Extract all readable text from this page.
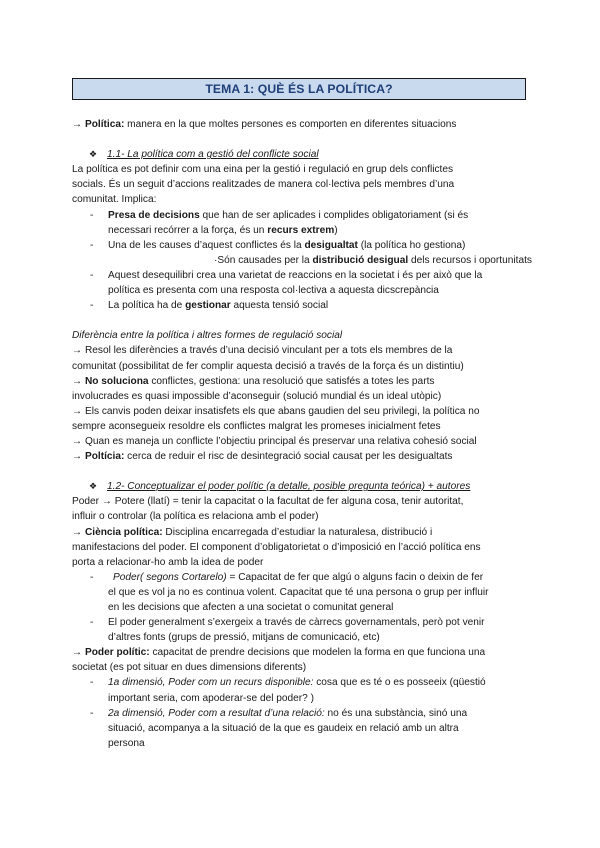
TEMA 1: QUÈ ÉS LA POLÍTICA?
→ Política: manera en la que moltes persones es comporten en diferentes situacions
❖ 1.1- La política com a gestió del conflicte social
La política es pot definir com una eina per la gestió i regulació en grup dels conflictes
socials. És un seguit d’accions realitzades de manera col·lectiva pels membres d’una
comunitat. Implica:
- Presa de decisions que han de ser aplicades i complides obligatoriament (si és
necessari recórrer a la força, és un recurs extrem)
- Una de les causes d’aquest conflictes és la desigualtat (la política ho gestiona)
·Són causades per la distribució desigual dels recursos i oportunitats
- Aquest desequilibri crea una varietat de reaccions en la societat i és per això que la
política es presenta com una resposta col·lectiva a aquesta dicscrepància
- La política ha de gestionar aquesta tensió social
Diferència entre la política i altres formes de regulació social
→ Resol les diferències a través d’una decisió vinculant per a tots els membres de la
comunitat (possibilitat de fer complir aquesta decisió a través de la força és un distintiu)
→ No soluciona conflictes, gestiona: una resolució que satisfés a totes les parts
involucrades es quasi impossible d’aconseguir (solució mundial és un ideal utòpic)
→ Els canvis poden deixar insatisfets els que abans gaudien del seu privilegi, la política no
sempre aconsegueix resoldre els conflictes malgrat les promeses inicialment fetes
→ Quan es maneja un conflicte l’objectiu principal és preservar una relativa cohesió social
→ Poltícia: cerca de reduir el risc de desintegració social causat per les desigualtats
❖ 1.2- Conceptualizar el poder polític (a detalle, posible pregunta teórica) + autores
Poder → Potere (llatí) = tenir la capacitat o la facultat de fer alguna cosa, tenir autoritat,
influir o controlar (la política es relaciona amb el poder)
→ Ciència política: Disciplina encarregada d’estudiar la naturalesa, distribució i
manifestacions del poder. El component d’obligatorietat o d’imposició en l’acció política ens
porta a relacionar-ho amb la idea de poder
-	Poder( segons Cortarelo) = Capacitat de fer que algú o alguns facin o deixin de fer
el que es vol ja no es continua volent. Capacitat que té una persona o grup per influir
en les decisions que afecten a una societat o comunitat general
- El poder generalment s’exergeix a través de càrrecs governamentals, però pot venir
d’altres fonts (grups de pressió, mitjans de comunicació, etc)
→ Poder polític: capacitat de prendre decisions que modelen la forma en que funciona una
societat (es pot situar en dues dimensions diferents)
- 1a dimensió, Poder com un recurs disponible: cosa que es té o es posseeix (qüestió
important seria, com apoderar-se del poder? )
- 2a dimensió, Poder com a resultat d’una relació: no és una substància, sinó una
situació, acompanya a la situació de la que es gaudeix en relació amb un altra
persona
